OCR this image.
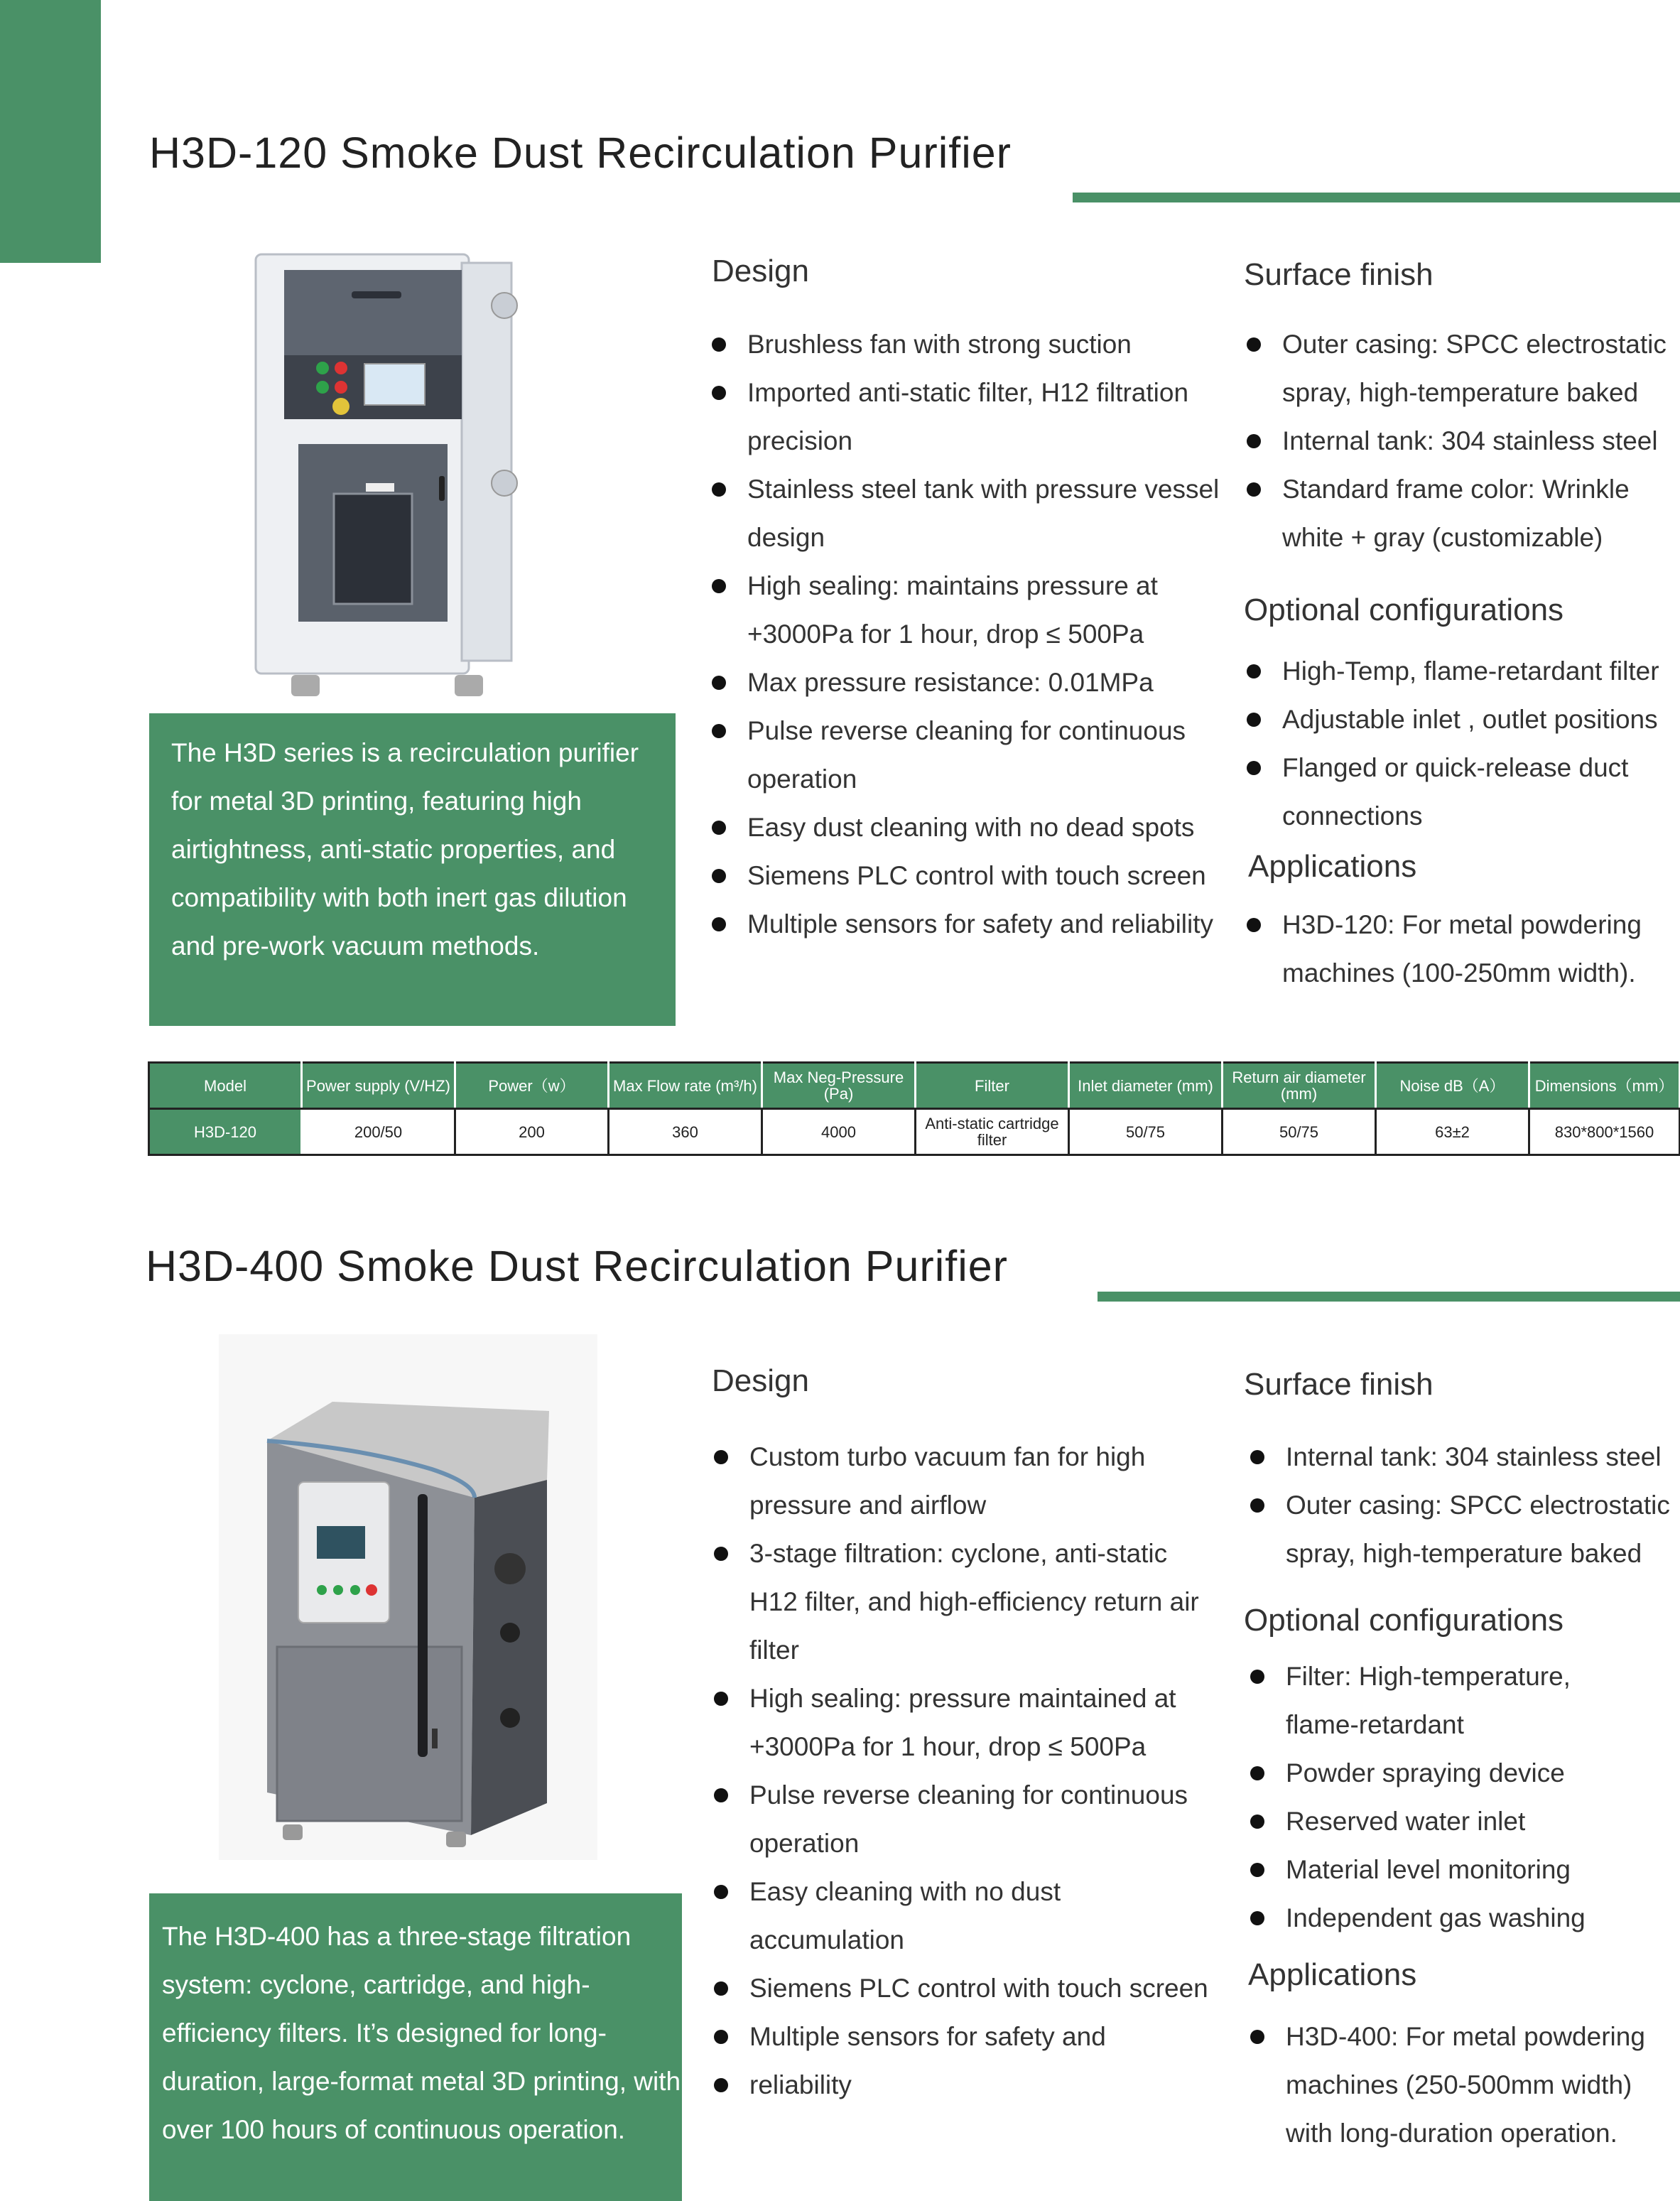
H3D-120 Smoke Dust Recirculation Purifier

The H3D series is a recirculation purifier for metal 3D printing, featuring high airtightness, anti-static properties, and compatibility with both inert gas dilution and pre-work vacuum methods.

Design
Brushless fan with strong suction
Imported anti-static filter, H12 filtration precision
Stainless steel tank with pressure vessel design
High sealing: maintains pressure at +3000Pa for 1 hour, drop ≤ 500Pa
Max pressure resistance: 0.01MPa
Pulse reverse cleaning for continuous operation
Easy dust cleaning with no dead spots
Siemens PLC control with touch screen
Multiple sensors for safety and reliability
Surface finish
Outer casing: SPCC electrostatic spray, high-temperature baked
Internal tank: 304 stainless steel
Standard frame color: Wrinkle white + gray (customizable)
Optional configurations
High-Temp, flame-retardant filter
Adjustable inlet , outlet positions
Flanged or quick-release duct connections
Applications
H3D-120: For metal powdering machines (100-250mm width).
Model	Power supply (V/HZ)	Power（w）	Max Flow rate (m³/h)	Max Neg-Pressure (Pa)	Filter	Inlet diameter (mm)	Return air diameter (mm)	Noise dB（A）	Dimensions（mm）
H3D-120	200/50	200	360	4000	Anti-static cartridge filter	50/75	50/75	63±2	830*800*1560
H3D-400 Smoke Dust Recirculation Purifier

The H3D-400 has a three-stage filtration system: cyclone, cartridge, and high-efficiency filters. It’s designed for long-duration, large-format metal 3D printing, with over 100 hours of continuous operation.

Design
Custom turbo vacuum fan for high pressure and airflow
3-stage filtration: cyclone, anti-static H12 filter, and high-efficiency return air filter
High sealing: pressure maintained at +3000Pa for 1 hour, drop ≤ 500Pa
Pulse reverse cleaning for continuous operation
Easy cleaning with no dust accumulation
Siemens PLC control with touch screen
Multiple sensors for safety and
reliability
Surface finish
Internal tank: 304 stainless steel
Outer casing: SPCC electrostatic spray, high-temperature baked
Optional configurations
Filter: High-temperature, flame-retardant
Powder spraying device
Reserved water inlet
Material level monitoring
Independent gas washing
Applications
H3D-400: For metal powdering machines (250-500mm width) with long-duration operation.
